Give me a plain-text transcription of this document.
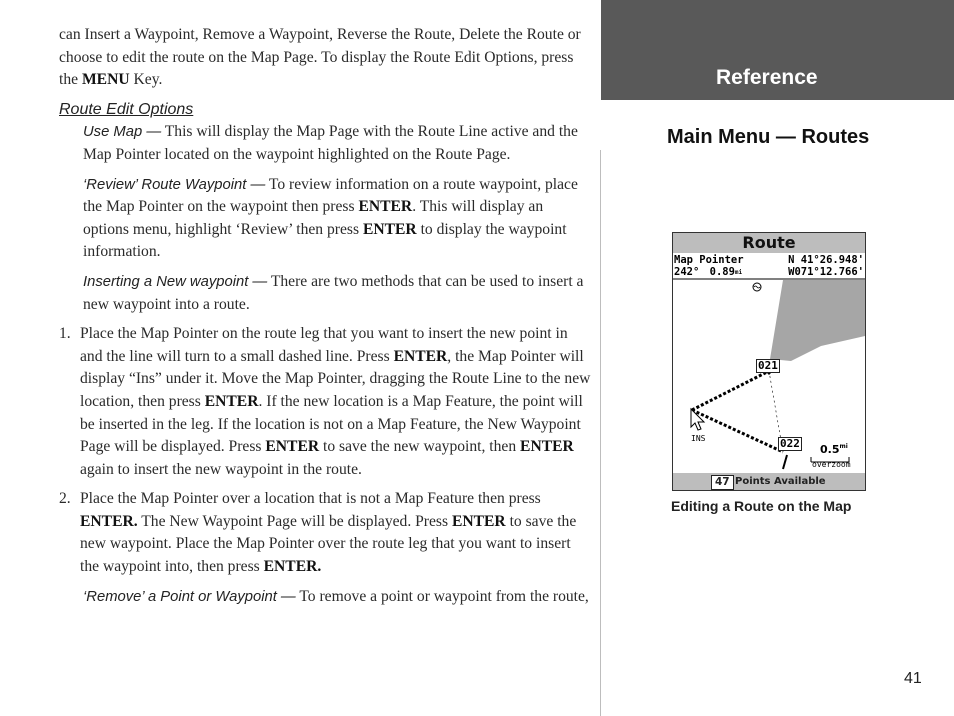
can Insert a Waypoint, Remove a Waypoint, Reverse the Route, Delete the Route or choose to edit the route on the Map Page. To display the Route Edit Options, press the MENU Key.

Route Edit Options

Use Map — This will display the Map Page with the Route Line active and the Map Pointer located on the waypoint highlighted on the Route Page.

‘Review’ Route Waypoint — To review information on a route waypoint, place the Map Pointer on the waypoint then press ENTER. This will display an options menu, highlight ‘Review’ then press ENTER to display the waypoint information.

Inserting a New waypoint — There are two methods that can be used to insert a new waypoint into a route.

1. Place the Map Pointer on the route leg that you want to insert the new point in and the line will turn to a small dashed line. Press ENTER, the Map Pointer will display “Ins” under it. Move the Map Pointer, dragging the Route Line to the new location, then press ENTER. If the new location is a Map Feature, the point will be inserted in the leg. If the location is not on a Map Feature, the New Waypoint Page will be displayed. Press ENTER to save the new waypoint, then ENTER again to insert the new waypoint in the route.

2. Place the Map Pointer over a location that is not a Map Feature then press ENTER. The New Waypoint Page will be displayed. Press ENTER to save the new waypoint. Place the Map Pointer over the route leg that you want to insert the waypoint into, then press ENTER.

‘Remove’ a Point or Waypoint — To remove a point or waypoint from the route,

Reference
Main Menu — Routes
Route
Map Pointer	N 41°26.948'
242° $0.89^{mi}$	W071°12.766'
021
022
INS
$0.5^{mi}$
overzoom
47 Points Available
Editing a Route on the Map
41
